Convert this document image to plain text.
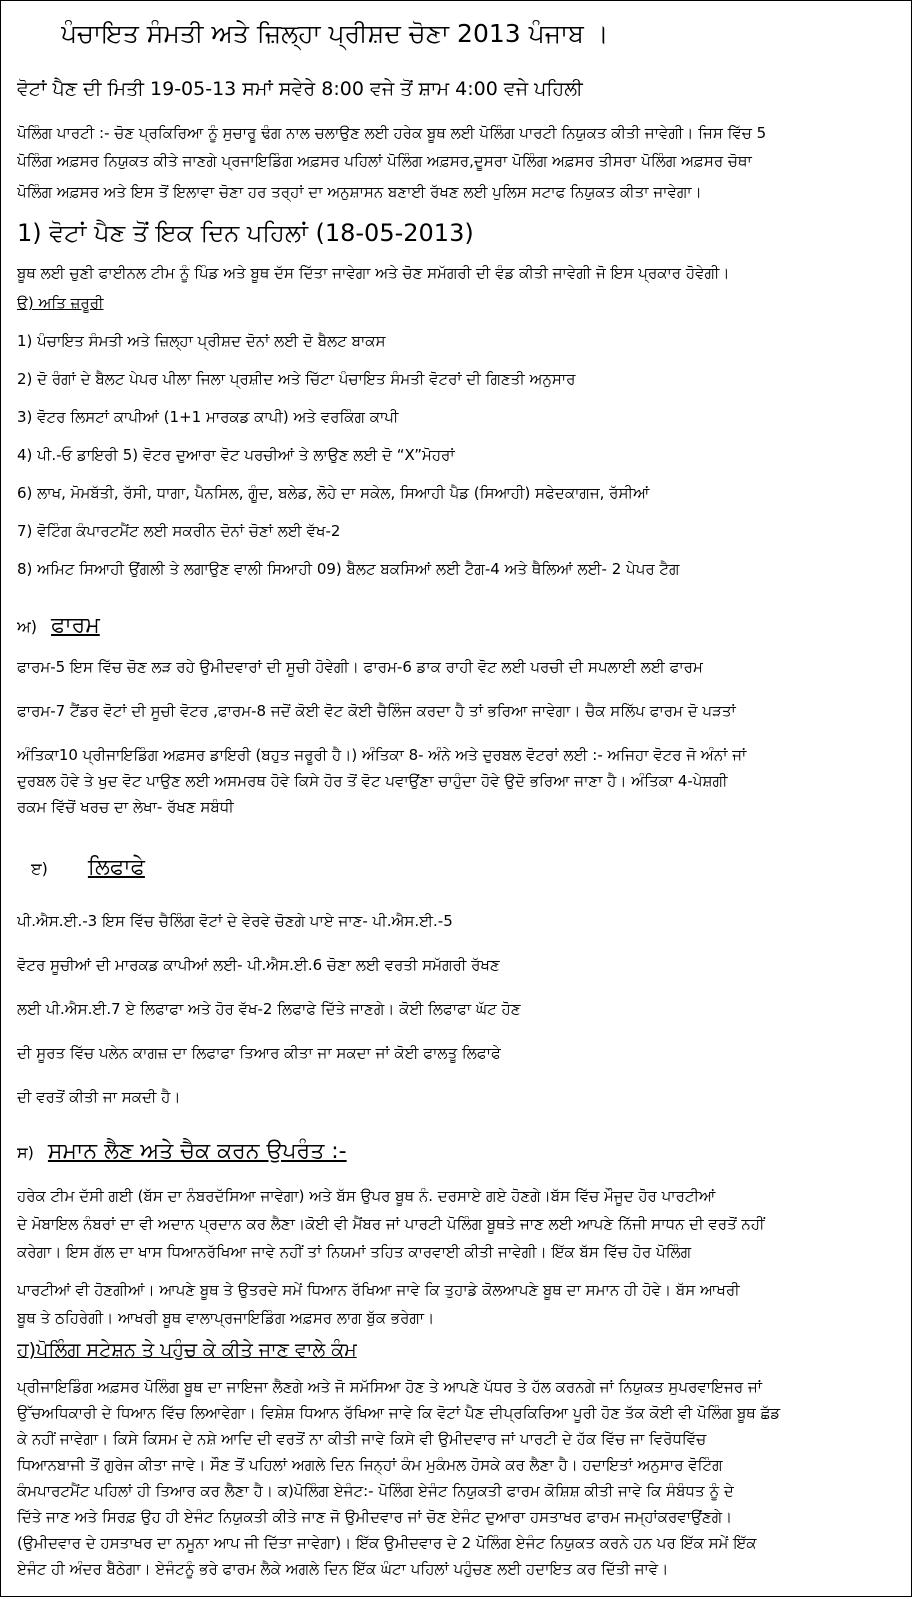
ਪੰਚਾਇਤ ਸੰਮਤੀ ਅਤੇ ਜ਼ਿਲ੍ਹਾ ਪ੍ਰੀਸ਼ਦ ਚੋਣਾ 2013 ਪੰਜਾਬ ।
ਵੋਟਾਂ ਪੈਣ ਦੀ ਮਿਤੀ 19-05-13 ਸਮਾਂ ਸਵੇਰੇ 8:00 ਵਜੇ ਤੋਂ ਸ਼ਾਮ 4:00 ਵਜੇ ਪਹਿਲੀ
ਪੋਲਿੰਗ ਪਾਰਟੀ :- ਚੋਣ ਪ੍ਰਕਿਰਿਆ ਨੂੰ ਸੁਚਾਰੂ ਢੰਗ ਨਾਲ ਚਲਾਉਣ ਲਈ ਹਰੇਕ ਬੂਥ ਲਈ ਪੋਲਿੰਗ ਪਾਰਟੀ ਨਿਯੁਕਤ ਕੀਤੀ ਜਾਵੇਗੀ। ਜਿਸ ਵਿੱਚ 5
ਪੋਲਿੰਗ ਅਫ਼ਸਰ ਨਿਯੁਕਤ ਕੀਤੇ ਜਾਣਗੇ ਪ੍ਰਜਾਇਡਿੰਗ ਅਫ਼ਸਰ ਪਹਿਲਾਂ ਪੋਲਿੰਗ ਅਫ਼ਸਰ,ਦੂਸਰਾ ਪੋਲਿੰਗ ਅਫ਼ਸਰ ਤੀਸਰਾ ਪੋਲਿੰਗ ਅਫ਼ਸਰ ਚੋਥਾ
ਪੋਲਿੰਗ ਅਫ਼ਸਰ ਅਤੇ ਇਸ ਤੋਂ ਇਲਾਵਾ ਚੋਣਾ ਹਰ ਤਰ੍ਹਾਂ ਦਾ ਅਨੁਸ਼ਾਸਨ ਬਣਾਈ ਰੱਖਣ ਲਈ ਪੁਲਿਸ ਸਟਾਫ ਨਿਯੁਕਤ ਕੀਤਾ ਜਾਵੇਗਾ।
1) ਵੋਟਾਂ ਪੈਣ ਤੋਂ ਇਕ ਦਿਨ ਪਹਿਲਾਂ (18-05-2013)
ਬੂਥ ਲਈ ਚੁਣੀ ਫਾਈਨਲ ਟੀਮ ਨੂੰ ਪਿੰਡ ਅਤੇ ਬੂਥ ਦੱਸ ਦਿੱਤਾ ਜਾਵੇਗਾ ਅਤੇ ਚੋਣ ਸਮੱਗਰੀ ਦੀ ਵੰਡ ਕੀਤੀ ਜਾਵੇਗੀ ਜੋ ਇਸ ਪ੍ਰਕਾਰ ਹੋਵੇਗੀ।
ੳ) ਅਤਿ ਜ਼ਰੂਰੀ
1) ਪੰਚਾਇਤ ਸੰਮਤੀ ਅਤੇ ਜ਼ਿਲ੍ਹਾ ਪ੍ਰੀਸ਼ਦ ਦੋਨਾਂ ਲਈ ਦੋ ਬੈਲਟ ਬਾਕਸ
2) ਦੋ ਰੰਗਾਂ ਦੇ ਬੈਲਟ ਪੇਪਰ ਪੀਲਾ ਜਿਲਾ ਪ੍ਰਸ਼ੀਦ ਅਤੇ ਚਿੱਟਾ ਪੰਚਾਇਤ ਸੰਮਤੀ ਵੋਟਰਾਂ ਦੀ ਗਿਣਤੀ ਅਨੁਸਾਰ
3) ਵੋਟਰ ਲਿਸਟਾਂ ਕਾਪੀਆਂ (1+1 ਮਾਰਕਡ ਕਾਪੀ) ਅਤੇ ਵਰਕਿੰਗ ਕਾਪੀ
4) ਪੀ.-ਓ ਡਾਇਰੀ 5) ਵੋਟਰ ਦੁਆਰਾ ਵੋਟ ਪਰਚੀਆਂ ਤੇ ਲਾਉਣ ਲਈ ਦੋ “X”ਮੋਹਰਾਂ
6) ਲਾਖ, ਮੋਮਬੱਤੀ, ਰੱਸੀ, ਧਾਗਾ, ਪੈਨਸਿਲ, ਗੂੰਦ, ਬਲੇਡ, ਲੋਹੇ ਦਾ ਸਕੇਲ, ਸਿਆਹੀ ਪੈਡ (ਸਿਆਹੀ) ਸਫੇਦਕਾਗਜ, ਰੱਸੀਆਂ
7) ਵੋਟਿੰਗ ਕੰਪਾਰਟਮੈਂਟ ਲਈ ਸਕਰੀਨ ਦੋਨਾਂ ਚੋਣਾਂ ਲਈ ਵੱਖ-2
8) ਅਮਿਟ ਸਿਆਹੀ ਉਂਗਲੀ ਤੇ ਲਗਾਉਣ ਵਾਲੀ ਸਿਆਹੀ 09) ਬੈਲਟ ਬਕਸਿਆਂ ਲਈ ਟੈਗ-4 ਅਤੇ ਥੈਲਿਆਂ ਲਈ- 2 ਪੇਪਰ ਟੈਗ
ਅ) ਫਾਰਮ
ਫਾਰਮ-5 ਇਸ ਵਿੱਚ ਚੋਣ ਲੜ ਰਹੇ ਉਮੀਦਵਾਰਾਂ ਦੀ ਸੂਚੀ ਹੋਵੇਗੀ। ਫਾਰਮ-6 ਡਾਕ ਰਾਹੀ ਵੋਟ ਲਈ ਪਰਚੀ ਦੀ ਸਪਲਾਈ ਲਈ ਫਾਰਮ
ਫਾਰਮ-7 ਟੈਂਡਰ ਵੋਟਾਂ ਦੀ ਸੂਚੀ ਵੋਟਰ ,ਫਾਰਮ-8 ਜਦੋਂ ਕੋਈ ਵੋਟ ਕੋਈ ਚੈਲਿੰਜ ਕਰਦਾ ਹੈ ਤਾਂ ਭਰਿਆ ਜਾਵੇਗਾ। ਚੈਕ ਸਲਿੱਪ ਫਾਰਮ ਦੋ ਪੜਤਾਂ
ਅੰਤਿਕਾ10 ਪ੍ਰੀਜਾਇਡਿੰਗ ਅਫ਼ਸਰ ਡਾਇਰੀ (ਬਹੁਤ ਜਰੂਰੀ ਹੈ।) ਅੰਤਿਕਾ 8- ਅੰਨੇ ਅਤੇ ਦੁਰਬਲ ਵੋਟਰਾਂ ਲਈ :- ਅਜਿਹਾ ਵੋਟਰ ਜੋ ਅੰਨਾਂ ਜਾਂ
ਦੁਰਬਲ ਹੋਵੇ ਤੇ ਖੁਦ ਵੋਟ ਪਾਉਣ ਲਈ ਅਸਮਰਥ ਹੋਵੇ ਕਿਸੇ ਹੋਰ ਤੋਂ ਵੋਟ ਪਵਾਉਂਣਾ ਚਾਹੁੰਦਾ ਹੋਵੇ ਉਦੋ ਭਰਿਆ ਜਾਣਾ ਹੈ। ਅੰਤਿਕਾ 4-ਪੇਸ਼ਗੀ
ਰਕਮ ਵਿੱਚੋਂ ਖਰਚ ਦਾ ਲੇਖਾ- ਰੱਖਣ ਸਬੰਧੀ
ੲ) ਲਿਫਾਫੇ
ਪੀ.ਐਸ.ਈ.-3 ਇਸ ਵਿੱਚ ਚੈਲਿੰਗ ਵੋਟਾਂ ਦੇ ਵੇਰਵੇ ਚੋਣਗੇ ਪਾਏ ਜਾਣ- ਪੀ.ਐਸ.ਈ.-5
ਵੋਟਰ ਸੂਚੀਆਂ ਦੀ ਮਾਰਕਡ ਕਾਪੀਆਂ ਲਈ- ਪੀ.ਐਸ.ਈ.6 ਚੋਣਾ ਲਈ ਵਰਤੀ ਸਮੱਗਰੀ ਰੱਖਣ
ਲਈ ਪੀ.ਐਸ.ਈ.7 ਏ ਲਿਫਾਫਾ ਅਤੇ ਹੋਰ ਵੱਖ-2 ਲਿਫਾਫੇ ਦਿੱਤੇ ਜਾਣਗੇ। ਕੋਈ ਲਿਫਾਫਾ ਘੱਟ ਹੋਣ
ਦੀ ਸੂਰਤ ਵਿੱਚ ਪਲੇਨ ਕਾਗਜ਼ ਦਾ ਲਿਫਾਫਾ ਤਿਆਰ ਕੀਤਾ ਜਾ ਸਕਦਾ ਜਾਂ ਕੋਈ ਫਾਲਤੂ ਲਿਫਾਫੇ
ਦੀ ਵਰਤੋਂ ਕੀਤੀ ਜਾ ਸਕਦੀ ਹੈ।
ਸ) ਸਮਾਨ ਲੈਣ ਅਤੇ ਚੈਕ ਕਰਨ ਉਪਰੰਤ :-
ਹਰੇਕ ਟੀਮ ਦੱਸੀ ਗਈ (ਬੱਸ ਦਾ ਨੰਬਰਦੱਸਿਆ ਜਾਵੇਗਾ) ਅਤੇ ਬੱਸ ਉਪਰ ਬੂਥ ਨੰ. ਦਰਸਾਏ ਗਏ ਹੋਣਗੇ।ਬੱਸ ਵਿੱਚ ਮੌਜੂਦ ਹੋਰ ਪਾਰਟੀਆਂ
ਦੇ ਮੋਬਾਇਲ ਨੰਬਰਾਂ ਦਾ ਵੀ ਅਦਾਨ ਪ੍ਰਦਾਨ ਕਰ ਲੈਣਾ।ਕੋਈ ਵੀ ਮੈਂਬਰ ਜਾਂ ਪਾਰਟੀ ਪੋਲਿੰਗ ਬੂਥਤੇ ਜਾਣ ਲਈ ਆਪਣੇ ਨਿੱਜੀ ਸਾਧਨ ਦੀ ਵਰਤੋਂ ਨਹੀਂ
ਕਰੇਗਾ। ਇਸ ਗੱਲ ਦਾ ਖਾਸ ਧਿਆਨਰੱਖਿਆ ਜਾਵੇ ਨਹੀਂ ਤਾਂ ਨਿਯਮਾਂ ਤਹਿਤ ਕਾਰਵਾਈ ਕੀਤੀ ਜਾਵੇਗੀ। ਇੱਕ ਬੱਸ ਵਿੱਚ ਹੋਰ ਪੋਲਿੰਗ
ਪਾਰਟੀਆਂ ਵੀ ਹੋਣਗੀਆਂ। ਆਪਣੇ ਬੂਥ ਤੇ ਉਤਰਦੇ ਸਮੇਂ ਧਿਆਨ ਰੱਖਿਆ ਜਾਵੇ ਕਿ ਤੁਹਾਡੇ ਕੋਲਆਪਣੇ ਬੂਥ ਦਾ ਸਮਾਨ ਹੀ ਹੋਵੇ। ਬੱਸ ਆਖਰੀ
ਬੂਥ ਤੇ ਠਹਿਰੇਗੀ। ਆਖਰੀ ਬੂਥ ਵਾਲਾਪ੍ਰਜਾਇਡਿੰਗ ਅਫ਼ਸਰ ਲਾਗ ਬੁੱਕ ਭਰੇਗਾ।
ਹ)ਪੋਲਿੰਗ ਸਟੇਸ਼ਨ ਤੇ ਪਹੁੰਚ ਕੇ ਕੀਤੇ ਜਾਣ ਵਾਲੇ ਕੰਮ
ਪ੍ਰੀਜਾਇਡਿੰਗ ਅਫ਼ਸਰ ਪੋਲਿੰਗ ਬੂਥ ਦਾ ਜਾਇਜਾ ਲੈਣਗੇ ਅਤੇ ਜੋ ਸਮੱਸਿਆ ਹੋਣ ਤੇ ਆਪਣੇ ਪੱਧਰ ਤੇ ਹੱਲ ਕਰਨਗੇ ਜਾਂ ਨਿਯੁਕਤ ਸੁਪਰਵਾਇਜਰ ਜਾਂ
ਉੱਚਅਧਿਕਾਰੀ ਦੇ ਧਿਆਨ ਵਿੱਚ ਲਿਆਵੇਗਾ। ਵਿਸ਼ੇਸ਼ ਧਿਆਨ ਰੱਖਿਆ ਜਾਵੇ ਕਿ ਵੋਟਾਂ ਪੈਣ ਦੀਪ੍ਰਕਿਰਿਆ ਪੂਰੀ ਹੋਣ ਤੱਕ ਕੋਈ ਵੀ ਪੋਲਿੰਗ ਬੂਥ ਛੱਡ
ਕੇ ਨਹੀਂ ਜਾਵੇਗਾ। ਕਿਸੇ ਕਿਸਮ ਦੇ ਨਸ਼ੇ ਆਦਿ ਦੀ ਵਰਤੋਂ ਨਾ ਕੀਤੀ ਜਾਵੇ ਕਿਸੇ ਵੀ ਉਮੀਦਵਾਰ ਜਾਂ ਪਾਰਟੀ ਦੇ ਹੱਕ ਵਿੱਚ ਜਾ ਵਿਰੋਧਵਿੱਚ
ਧਿਆਨਬਾਜੀ ਤੋਂ ਗੁਰੇਜ ਕੀਤਾ ਜਾਵੇ। ਸੌਣ ਤੋਂ ਪਹਿਲਾਂ ਅਗਲੇ ਦਿਨ ਜਿਨ੍ਹਾਂ ਕੰਮ ਮੁਕੰਮਲ ਹੋਸਕੇ ਕਰ ਲੈਣਾ ਹੈ। ਹਦਾਇਤਾਂ ਅਨੁਸਾਰ ਵੋਟਿੰਗ
ਕੰਮਪਾਰਟਮੈਂਟ ਪਹਿਲਾਂ ਹੀ ਤਿਆਰ ਕਰ ਲੈਣਾ ਹੈ। ਕ)ਪੋਲਿੰਗ ਏਜੰਟ:- ਪੋਲਿੰਗ ਏਜੰਟ ਨਿਯੁਕਤੀ ਫਾਰਮ ਕੋਸ਼ਿਸ਼ ਕੀਤੀ ਜਾਵੇ ਕਿ ਸੰਬੰਧਤ ਨੂੰ ਦੇ
ਦਿੱਤੇ ਜਾਣ ਅਤੇ ਸਿਰਫ਼ ਉਹ ਹੀ ਏਜੰਟ ਨਿਯੁਕਤੀ ਕੀਤੇ ਜਾਣ ਜੋ ਉਮੀਦਵਾਰ ਜਾਂ ਚੋਣ ਏਜੰਟ ਦੁਆਰਾ ਹਸਤਾਖਰ ਫਾਰਮ ਜਮ੍ਹਾਂਕਰਵਾਉਂਣਗੇ।
(ਉਮੀਦਵਾਰ ਦੇ ਹਸਤਾਖਰ ਦਾ ਨਮੂਨਾ ਆਪ ਜੀ ਦਿੱਤਾ ਜਾਵੇਗਾ)। ਇੱਕ ਉਮੀਦਵਾਰ ਦੇ 2 ਪੋਲਿੰਗ ਏਜੰਟ ਨਿਯੁਕਤ ਕਰਨੇ ਹਨ ਪਰ ਇੱਕ ਸਮੇਂ ਇੱਕ
ਏਜੰਟ ਹੀ ਅੰਦਰ ਬੈਠੇਗਾ। ਏਜੰਟਨੂੰ ਭਰੇ ਫਾਰਮ ਲੈਕੇ ਅਗਲੇ ਦਿਨ ਇੱਕ ਘੰਟਾ ਪਹਿਲਾਂ ਪਹੁੰਚਣ ਲਈ ਹਦਾਇਤ ਕਰ ਦਿੱਤੀ ਜਾਵੇ।
